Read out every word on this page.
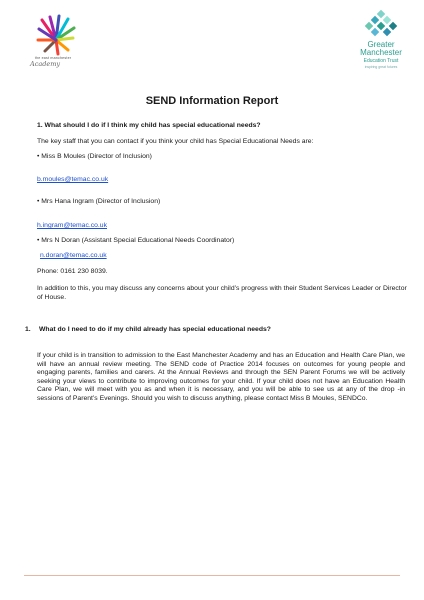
the east manchester
Academy
Greater
Manchester
Education Trust
inspiring great futures
SEND Information Report

1. What should I do if I think my child has special educational needs?

The key staff that you can contact if you think your child has Special Educational Needs are:

• Miss B Moules (Director of Inclusion)

b.moules@temac.co.uk

• Mrs Hana Ingram (Director of Inclusion)

h.ingram@temac.co.uk

• Mrs N Doran (Assistant Special Educational Needs Coordinator)

n.doran@temac.co.uk

Phone: 0161 230 8039.

In addition to this, you may discuss any concerns about your child’s progress with their Student Services Leader or Director of House.

1. What do I need to do if my child already has special educational needs?
If your child is in transition to admission to the East Manchester Academy and has an Education and Health Care Plan, we will have an annual review meeting. The SEND code of Practice 2014 focuses on outcomes for young people and engaging parents, families and carers. At the Annual Reviews and through the SEN Parent Forums we will be actively seeking your views to contribute to improving outcomes for your child. If your child does not have an Education Health Care Plan, we will meet with you as and when it is necessary, and you will be able to see us at any of the drop -in sessions of Parent’s Evenings. Should you wish to discuss anything, please contact Miss B Moules, SENDCo.
